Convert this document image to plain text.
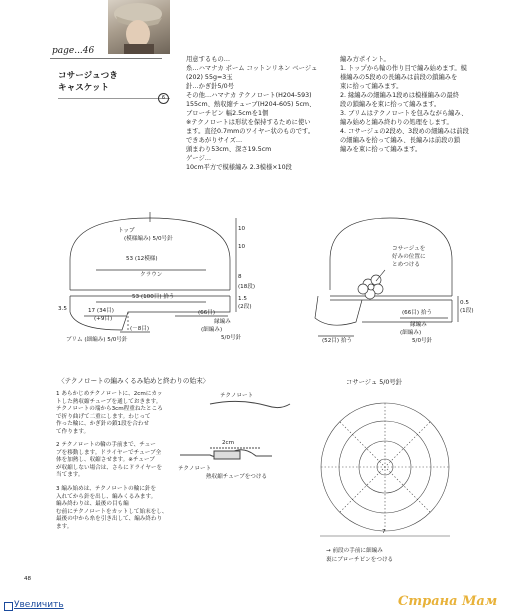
page...46
コサージュつき
キャスケット
6
用意するもの…
糸…ハマナカ ボーム コットンリネン ベージュ
(202) 55g=3玉
針…かぎ針5/0号
その他…ハマナカ テクノロート(H204-593)
155cm、熱収縮チューブ(H204-605) 5cm、
ブローチピン 幅2.5cmを1個
※テクノロートは形状を保持するために使い
ます。直径0.7mmのワイヤー状のものです。
できあがりサイズ…
頭まわり53cm、深さ19.5cm
ゲージ…
10cm平方で模様編み 2.3模様×10段
編み方ポイント。
1. トップから輪の作り目で編み始めます。模
様編みの5段めの長編みは前段の鎖編みを
束に拾って編みます。
2. 縁編みの細編み1段めは模様編みの最終
段の鎖編みを束に拾って編みます。
3. ブリムはテクノロートを包みながら編み、
編み始めと編み終わりの処理をします。
4. コサージュの2段め、3段めの細編みは前段
の細編みを拾って編み、長編みは前段の鎖
編みを束に拾って編みます。
トップ
(模様編み) 5/0号針
53 (12模様)
クラウン
53 (100目) 拾う
3.5	17 (34目)
(+9目)
(－8目)
(66目)
縁編み
(細編み)
5/0号針
ブリム (細編み) 5/0号針
10
10
8
(18段)
1.5
(2段)
コサージュを
好みの位置に
とめつける
(66目) 拾う
縁編み
(細編み)
5/0号針
(52目) 拾う
0.5
(1段)
〈テクノロートの編みくるみ始めと終わりの始末〉
1 あらかじめテクノロートに、2cmにカッ
トした熱収縮チューブを通しておきます。
テクノロートの端から3cm程重ねたところ
で折り曲げて二重にします。わじって
作った輪に、かぎ針の鎖1段を合わせ
て作ります。
2 テクノロートの輪の手前まで、チュー
ブを移動します。ドライヤーでチューブ全
体を加熱し、収縮させます。※チューブ
が収縮しない場合は、さらにドライヤーを
当てます。
3 編み始めは、テクノロートの輪に針を
入れてから針を出し、編みくるみます。
編み終わりは、最後の目も編
む前にテクノロートをカットして始末をし、
最後の中から糸を引き出して、編み終わり
ます。
テクノロート
2cm
テクノロート
熱収縮チューブをつける
コサージュ 5/0号針
7
→ 前段の手前に細編み
裏にブローチピンをつける
48
Увеличить	Страна Мам
